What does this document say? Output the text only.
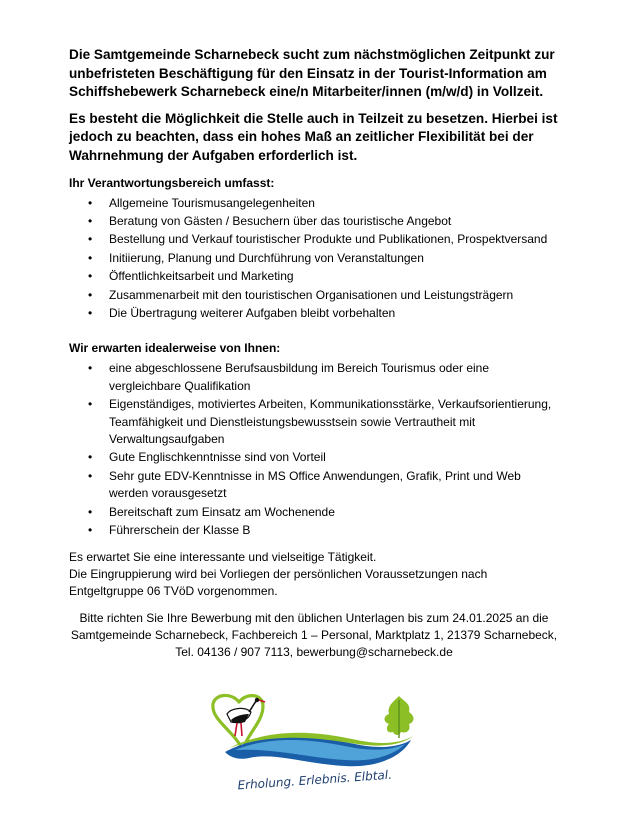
Die Samtgemeinde Scharnebeck sucht zum nächstmöglichen Zeitpunkt zur unbefristeten Beschäftigung für den Einsatz in der Tourist-Information am Schiffshebewerk Scharnebeck eine/n Mitarbeiter/innen (m/w/d) in Vollzeit.

Es besteht die Möglichkeit die Stelle auch in Teilzeit zu besetzen. Hierbei ist jedoch zu beachten, dass ein hohes Maß an zeitlicher Flexibilität bei der Wahrnehmung der Aufgaben erforderlich ist.

Ihr Verantwortungsbereich umfasst:
• Allgemeine Tourismusangelegenheiten
• Beratung von Gästen / Besuchern über das touristische Angebot
• Bestellung und Verkauf touristischer Produkte und Publikationen, Prospektversand
• Initiierung, Planung und Durchführung von Veranstaltungen
• Öffentlichkeitsarbeit und Marketing
• Zusammenarbeit mit den touristischen Organisationen und Leistungsträgern
• Die Übertragung weiterer Aufgaben bleibt vorbehalten
Wir erwarten idealerweise von Ihnen:
• eine abgeschlossene Berufsausbildung im Bereich Tourismus oder eine vergleichbare Qualifikation
• Eigenständiges, motiviertes Arbeiten, Kommunikationsstärke, Verkaufsorientierung, Teamfähigkeit und Dienstleistungsbewusstsein sowie Vertrautheit mit Verwaltungsaufgaben
• Gute Englischkenntnisse sind von Vorteil
• Sehr gute EDV-Kenntnisse in MS Office Anwendungen, Grafik, Print und Web werden vorausgesetzt
• Bereitschaft zum Einsatz am Wochenende
• Führerschein der Klasse B

Es erwartet Sie eine interessante und vielseitige Tätigkeit.

Die Eingruppierung wird bei Vorliegen der persönlichen Voraussetzungen nach Entgeltgruppe 06 TVöD vorgenommen.

Bitte richten Sie Ihre Bewerbung mit den üblichen Unterlagen bis zum 24.01.2025 an die Samtgemeinde Scharnebeck, Fachbereich 1 – Personal, Marktplatz 1, 21379 Scharnebeck, Tel. 04136 / 907 7113, bewerbung@scharnebeck.de

Erholung. Erlebnis. Elbtal.
